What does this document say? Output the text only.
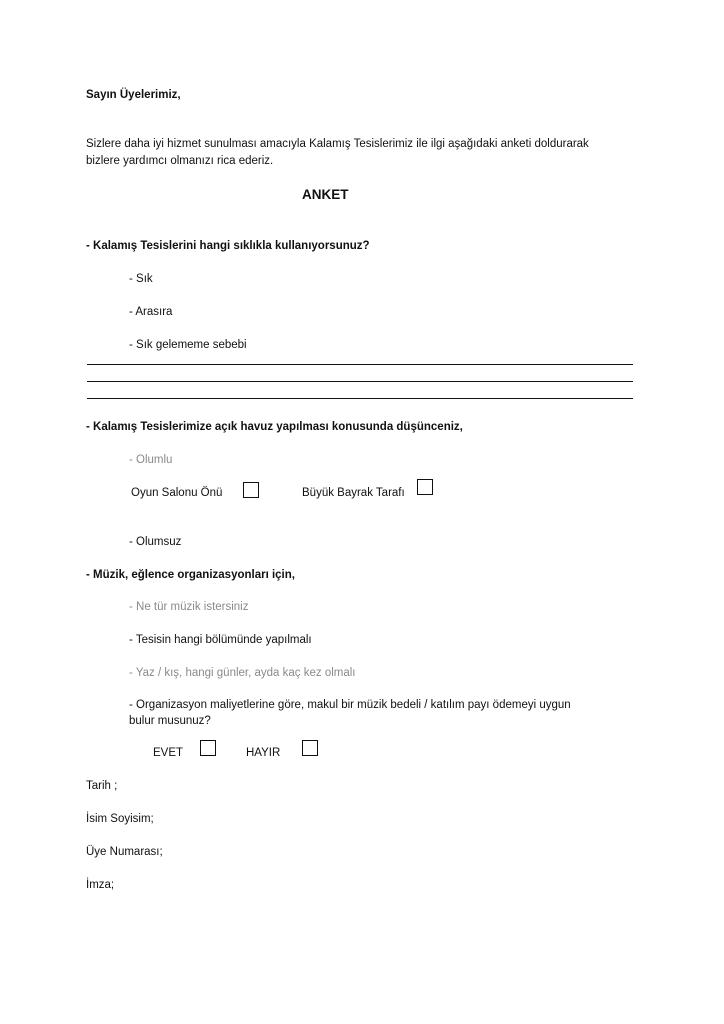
Sayın Üyelerimiz,
Sizlere daha iyi hizmet sunulması amacıyla Kalamış Tesislerimiz ile ilgi aşağıdaki anketi doldurarak
bizlere yardımcı olmanızı rica ederiz.
ANKET
- Kalamış Tesislerini hangi sıklıkla kullanıyorsunuz?
- Sık
- Arasıra
- Sık gelememe sebebi
- Kalamış Tesislerimize açık havuz yapılması konusunda düşünceniz,
- Olumlu
Oyun Salonu Önü	Büyük Bayrak Tarafı
- Olumsuz
- Müzik, eğlence organizasyonları için,
- Ne tür müzik istersiniz
- Tesisin hangi bölümünde yapılmalı
- Yaz / kış, hangi günler, ayda kaç kez olmalı
- Organizasyon maliyetlerine göre, makul bir müzik bedeli / katılım payı ödemeyi uygun
bulur musunuz?
EVET	HAYIR
Tarih ;
İsim Soyisim;
Üye Numarası;
İmza;
